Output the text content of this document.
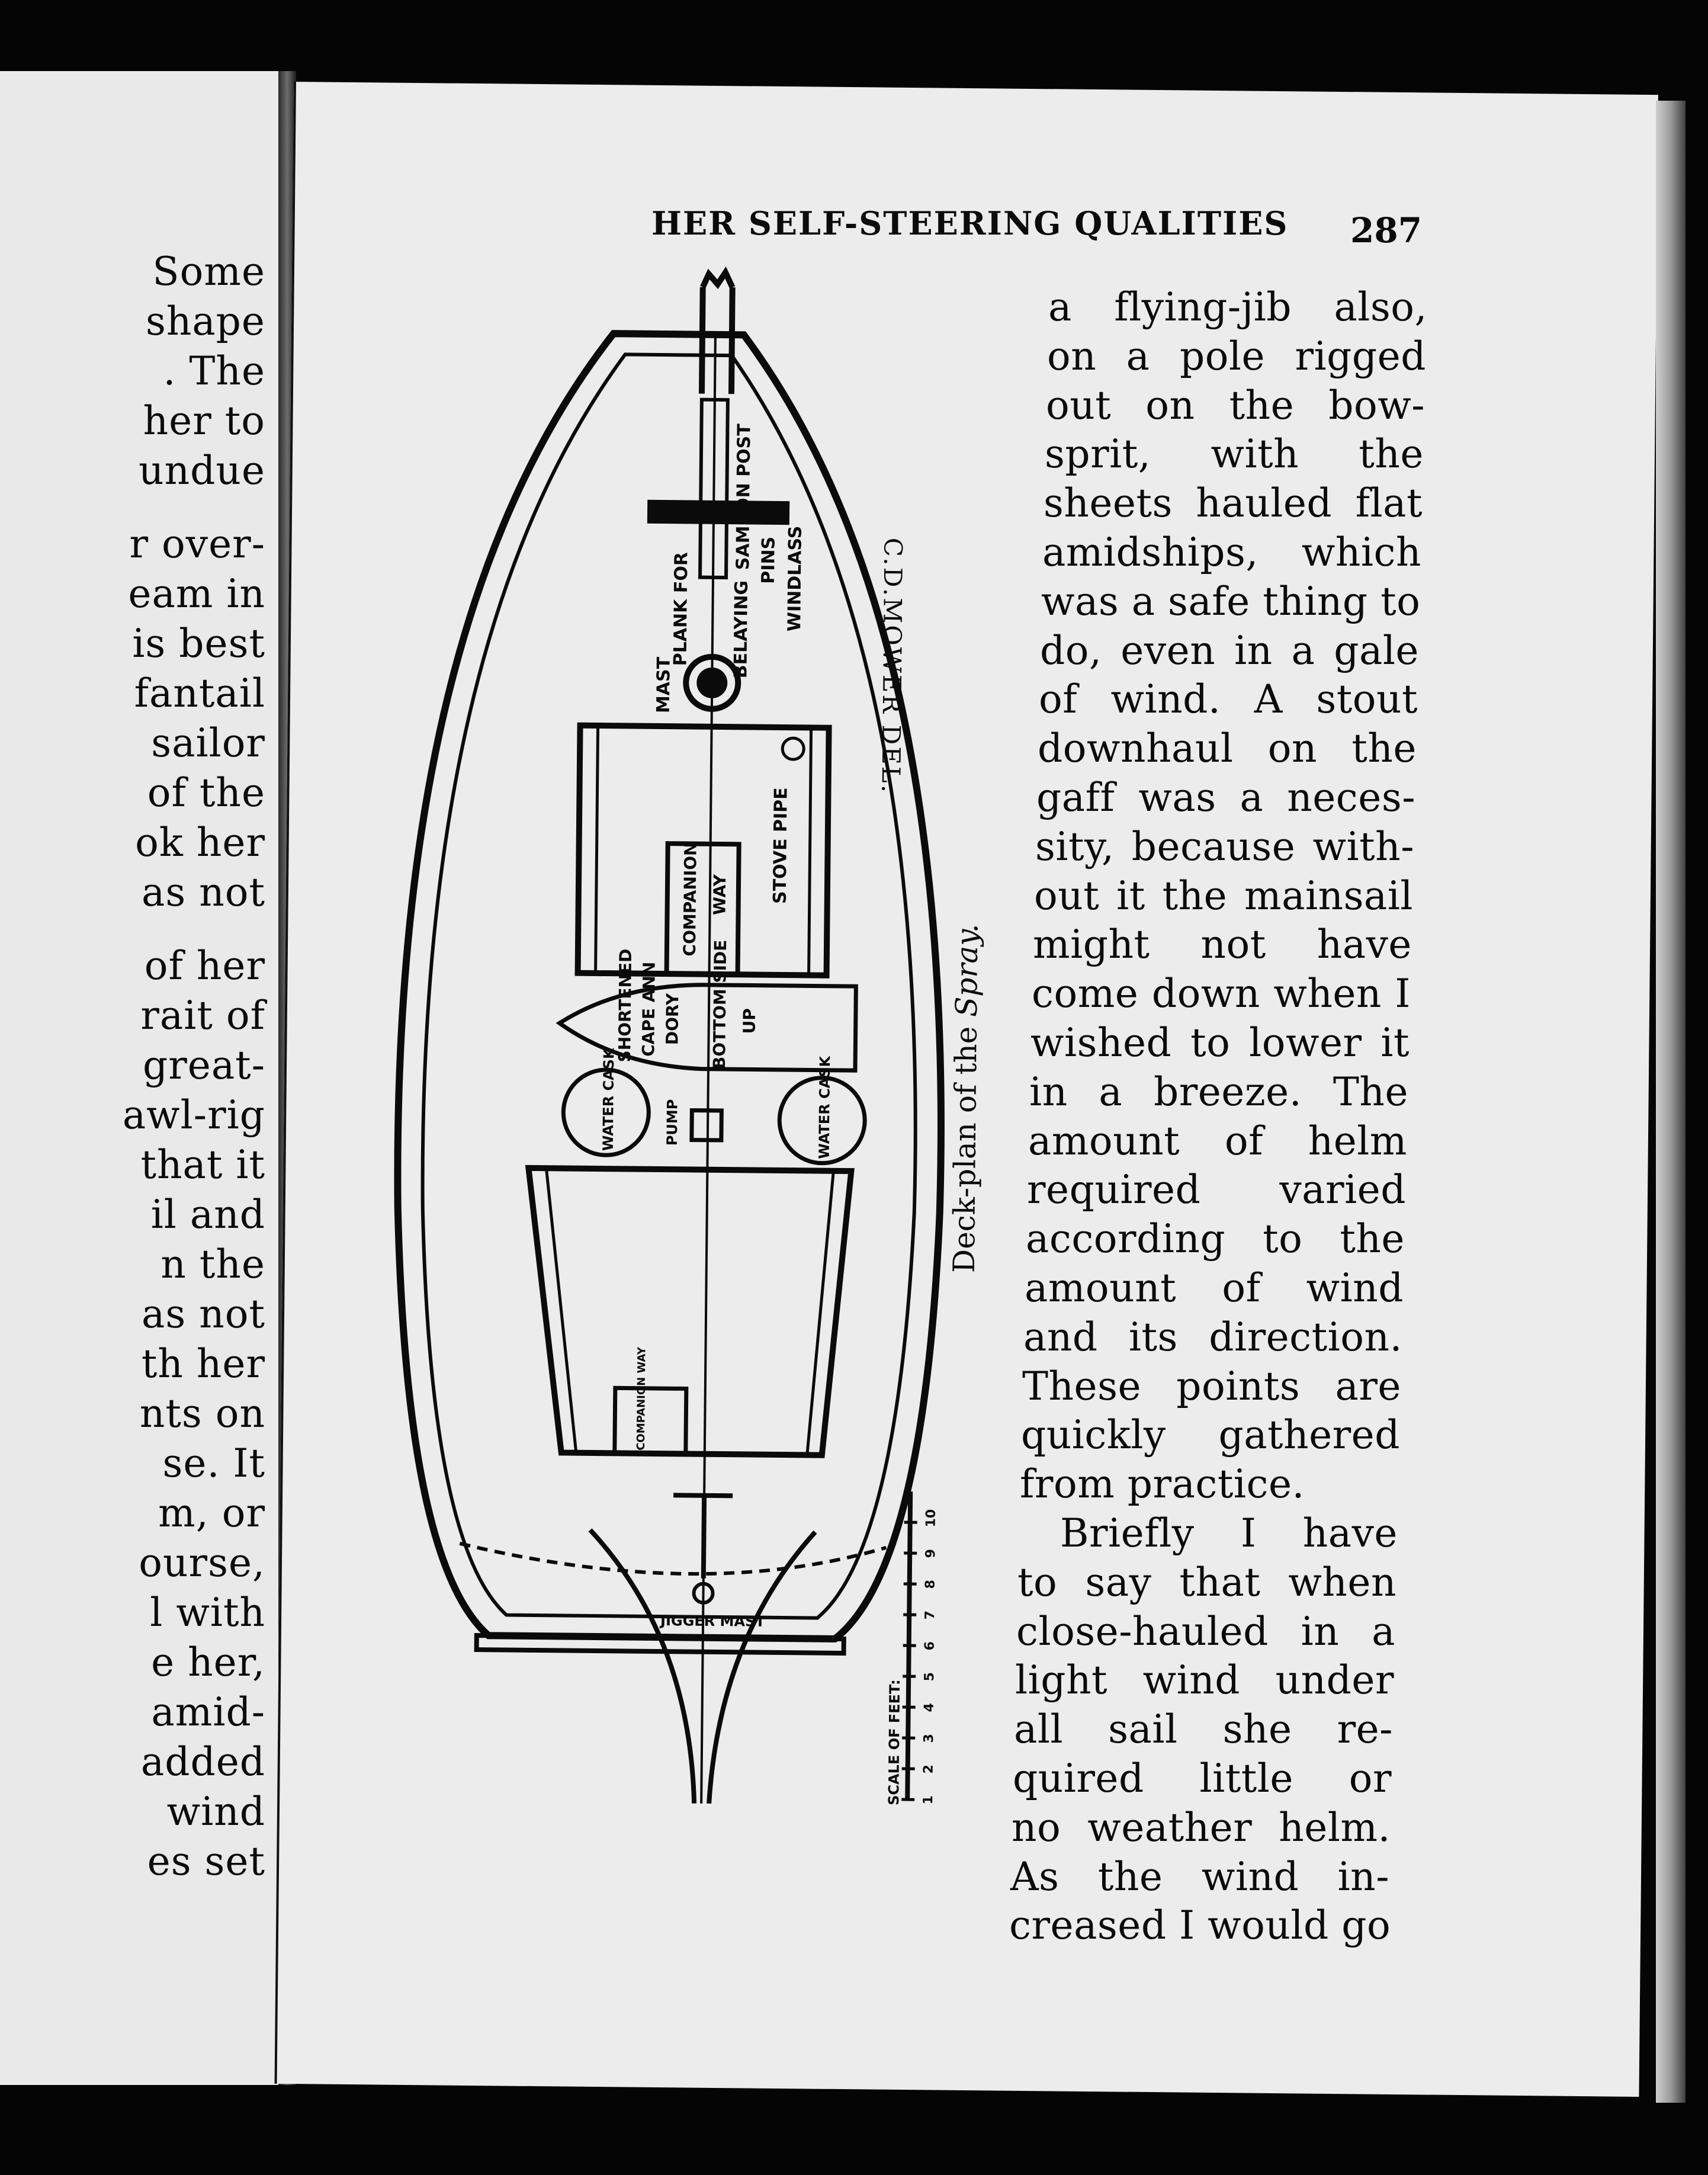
Some
shape
. The
her to
undue
r over-
eam in
is best
fantail
sailor
of the
ok her
as not
of her
rait of
great-
awl-rig
that it
il and
n the
as not
th her
nts on
se. It
m, or
ourse,
l with
e her,
amid-
added
wind
es set
SAMSON POST
WINDLASS
PLANK FOR BELAYING
PINS
MAST
STOVE PIPE
COMPANION WAY
SHORTENED CAPE ANN DORY BOTTOM SIDE UP
WATER CASK	WATER CASK
PUMP
COMPANION WAY
JIGGER MAST
SCALE OF FEET: 1
2
3
4
5
6
7
8
9
10
C.D.MOWER DEL.
Deck-plan of the Spray.
HER SELF-STEERING QUALITIES 287
a flying-jib also,
on a pole rigged
out on the bow-
sprit, with the
sheets hauled flat
amidships, which
was a safe thing to
do, even in a gale
of wind. A stout
downhaul on the
gaff was a neces-
sity, because with-
out it the mainsail
might not have
come down when I
wished to lower it
in a breeze. The
amount of helm
required varied
according to the
amount of wind
and its direction.
These points are
quickly gathered
from practice.
Briefly I have
to say that when
close-hauled in a
light wind under
all sail she re-
quired little or
no weather helm.
As the wind in-
creased I would go
